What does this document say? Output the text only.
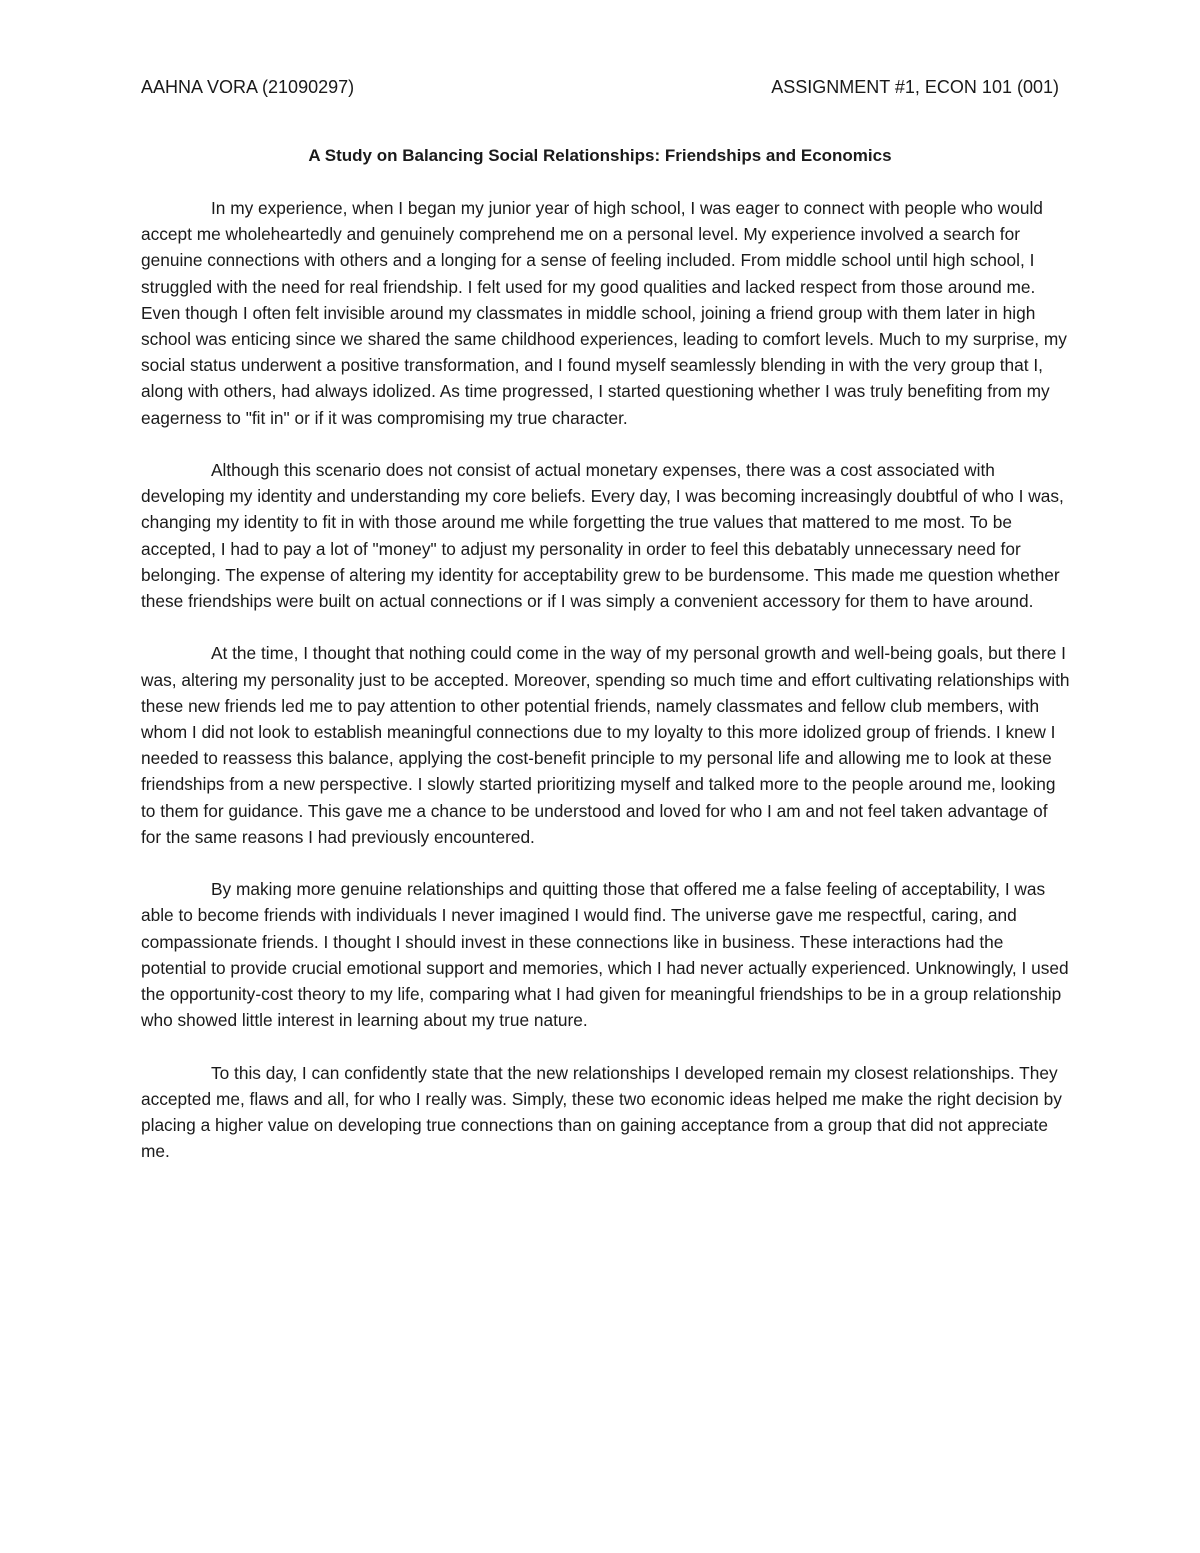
AAHNA VORA (21090297)	ASSIGNMENT #1, ECON 101 (001)
A Study on Balancing Social Relationships: Friendships and Economics

In my experience, when I began my junior year of high school, I was eager to connect with people who would accept me wholeheartedly and genuinely comprehend me on a personal level. My experience involved a search for genuine connections with others and a longing for a sense of feeling included. From middle school until high school, I struggled with the need for real friendship. I felt used for my good qualities and lacked respect from those around me. Even though I often felt invisible around my classmates in middle school, joining a friend group with them later in high school was enticing since we shared the same childhood experiences, leading to comfort levels. Much to my surprise, my social status underwent a positive transformation, and I found myself seamlessly blending in with the very group that I, along with others, had always idolized. As time progressed, I started questioning whether I was truly benefiting from my eagerness to "fit in" or if it was compromising my true character.

Although this scenario does not consist of actual monetary expenses, there was a cost associated with developing my identity and understanding my core beliefs. Every day, I was becoming increasingly doubtful of who I was, changing my identity to fit in with those around me while forgetting the true values that mattered to me most. To be accepted, I had to pay a lot of "money" to adjust my personality in order to feel this debatably unnecessary need for belonging. The expense of altering my identity for acceptability grew to be burdensome. This made me question whether these friendships were built on actual connections or if I was simply a convenient accessory for them to have around.

At the time, I thought that nothing could come in the way of my personal growth and well-being goals, but there I was, altering my personality just to be accepted. Moreover, spending so much time and effort cultivating relationships with these new friends led me to pay attention to other potential friends, namely classmates and fellow club members, with whom I did not look to establish meaningful connections due to my loyalty to this more idolized group of friends. I knew I needed to reassess this balance, applying the cost-benefit principle to my personal life and allowing me to look at these friendships from a new perspective. I slowly started prioritizing myself and talked more to the people around me, looking to them for guidance. This gave me a chance to be understood and loved for who I am and not feel taken advantage of for the same reasons I had previously encountered.

By making more genuine relationships and quitting those that offered me a false feeling of acceptability, I was able to become friends with individuals I never imagined I would find. The universe gave me respectful, caring, and compassionate friends. I thought I should invest in these connections like in business. These interactions had the potential to provide crucial emotional support and memories, which I had never actually experienced. Unknowingly, I used the opportunity-cost theory to my life, comparing what I had given for meaningful friendships to be in a group relationship who showed little interest in learning about my true nature.

To this day, I can confidently state that the new relationships I developed remain my closest relationships. They accepted me, flaws and all, for who I really was. Simply, these two economic ideas helped me make the right decision by placing a higher value on developing true connections than on gaining acceptance from a group that did not appreciate me.
